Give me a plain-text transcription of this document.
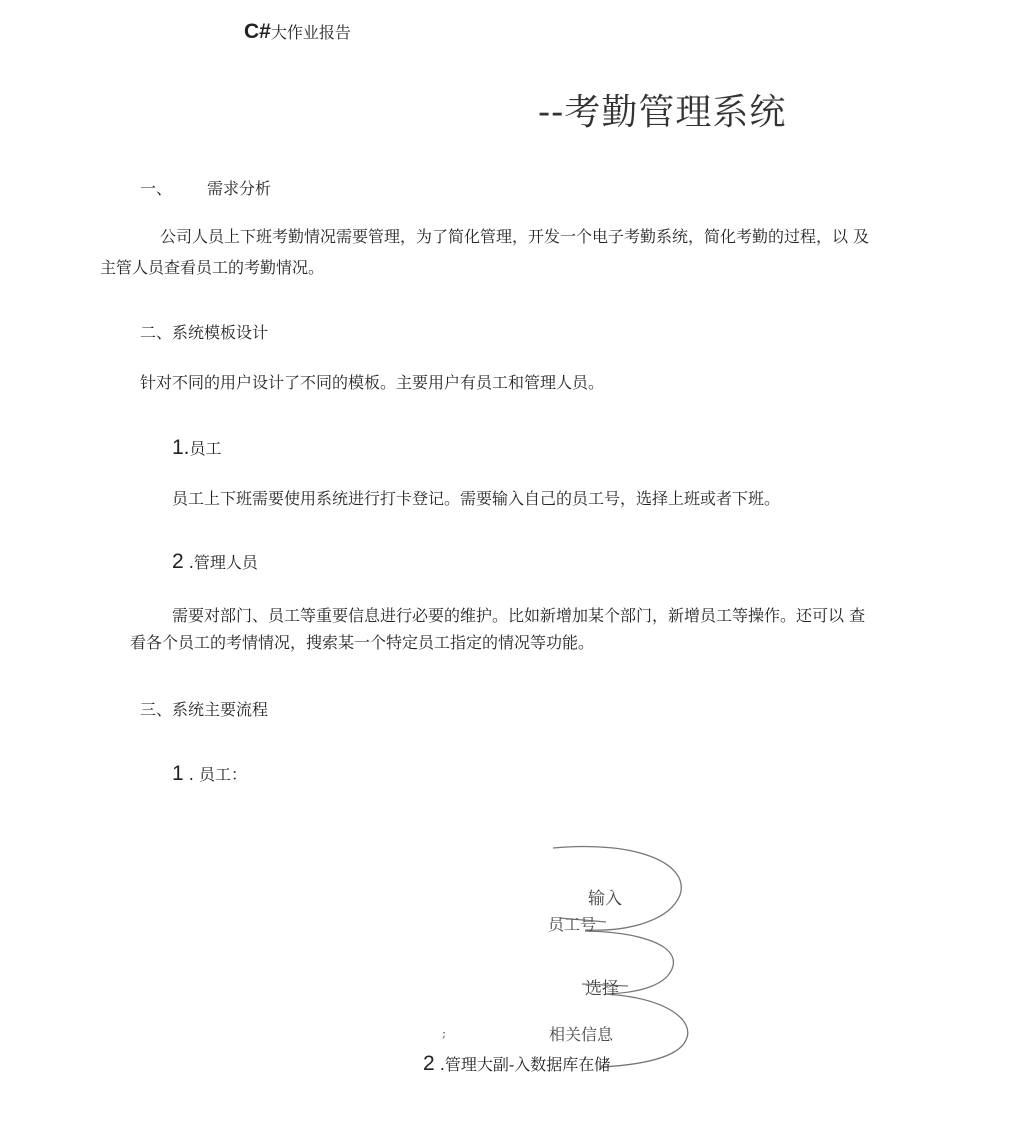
C#大作业报告
--考勤管理系统
一、 需求分析
公司人员上下班考勤情况需要管理，为了简化管理，开发一个电子考勤系统，简化考勤的过程，以 及
主管人员查看员工的考勤情况。
二、系统模板设计
针对不同的用户设计了不同的模板。主要用户有员工和管理人员。
1.员工
员工上下班需要使用系统进行打卡登记。需要输入自己的员工号，选择上班或者下班。
2 .管理人员
需要对部门、员工等重要信息进行必要的维护。比如新增加某个部门，新增员工等操作。还可以 查
看各个员工的考情情况，搜索某一个特定员工指定的情况等功能。
三、系统主要流程
1 . 员工：
输入
员工号
选择
;	相关信息
2 .管理大副-入数据库在储
